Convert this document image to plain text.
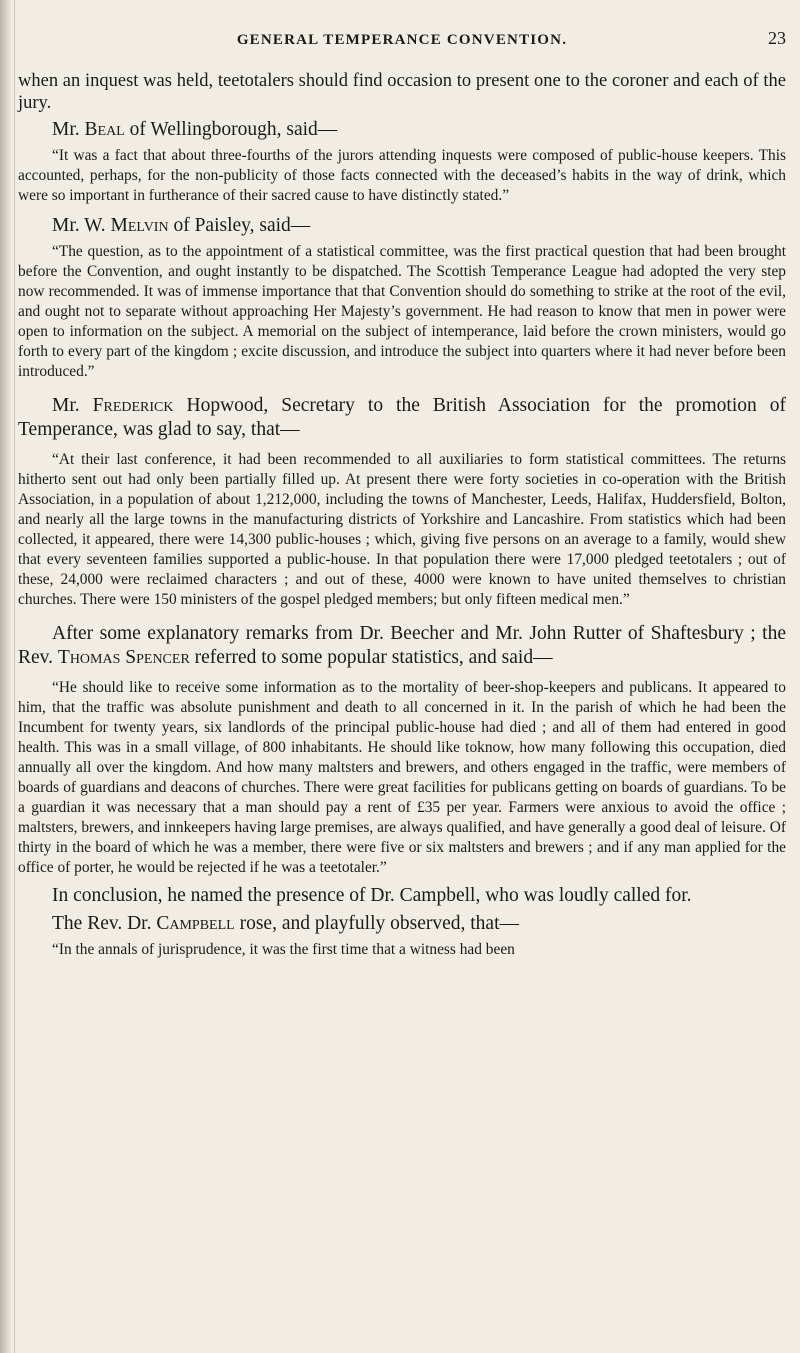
GENERAL TEMPERANCE CONVENTION.	23

when an inquest was held, teetotalers should find occasion to present one to the coroner and each of the jury.

Mr. Beal of Wellingborough, said—

“It was a fact that about three-fourths of the jurors attending inquests were composed of public-house keepers. This accounted, perhaps, for the non-publicity of those facts connected with the deceased’s habits in the way of drink, which were so important in furtherance of their sacred cause to have distinctly stated.”

Mr. W. Melvin of Paisley, said—

“The question, as to the appointment of a statistical committee, was the first practical question that had been brought before the Convention, and ought instantly to be dispatched. The Scottish Temperance League had adopted the very step now recommended. It was of immense importance that that Convention should do something to strike at the root of the evil, and ought not to separate without approaching Her Majesty’s government. He had reason to know that men in power were open to information on the subject. A memorial on the subject of intemperance, laid before the crown ministers, would go forth to every part of the kingdom ; excite discussion, and introduce the subject into quarters where it had never before been introduced.”

Mr. Frederick Hopwood, Secretary to the British Association for the promotion of Temperance, was glad to say, that—

“At their last conference, it had been recommended to all auxiliaries to form statistical committees. The returns hitherto sent out had only been partially filled up. At present there were forty societies in co-operation with the British Association, in a population of about 1,212,000, including the towns of Manchester, Leeds, Halifax, Huddersfield, Bolton, and nearly all the large towns in the manufacturing districts of Yorkshire and Lancashire. From statistics which had been collected, it appeared, there were 14,300 public-houses ; which, giving five persons on an average to a family, would shew that every seventeen families supported a public-house. In that population there were 17,000 pledged teetotalers ; out of these, 24,000 were reclaimed characters ; and out of these, 4000 were known to have united themselves to christian churches. There were 150 ministers of the gospel pledged members; but only fifteen medical men.”

After some explanatory remarks from Dr. Beecher and Mr. John Rutter of Shaftesbury ; the Rev. Thomas Spencer referred to some popular statistics, and said—

“He should like to receive some information as to the mortality of beer-shop-keepers and publicans. It appeared to him, that the traffic was absolute punishment and death to all concerned in it. In the parish of which he had been the Incumbent for twenty years, six landlords of the principal public-house had died ; and all of them had entered in good health. This was in a small village, of 800 inhabitants. He should like toknow, how many following this occupation, died annually all over the kingdom. And how many maltsters and brewers, and others engaged in the traffic, were members of boards of guardians and deacons of churches. There were great facilities for publicans getting on boards of guardians. To be a guardian it was necessary that a man should pay a rent of £35 per year. Farmers were anxious to avoid the office ; maltsters, brewers, and innkeepers having large premises, are always qualified, and have generally a good deal of leisure. Of thirty in the board of which he was a member, there were five or six maltsters and brewers ; and if any man applied for the office of porter, he would be rejected if he was a teetotaler.”

In conclusion, he named the presence of Dr. Campbell, who was loudly called for.

The Rev. Dr. Campbell rose, and playfully observed, that—

“In the annals of jurisprudence, it was the first time that a witness had been
